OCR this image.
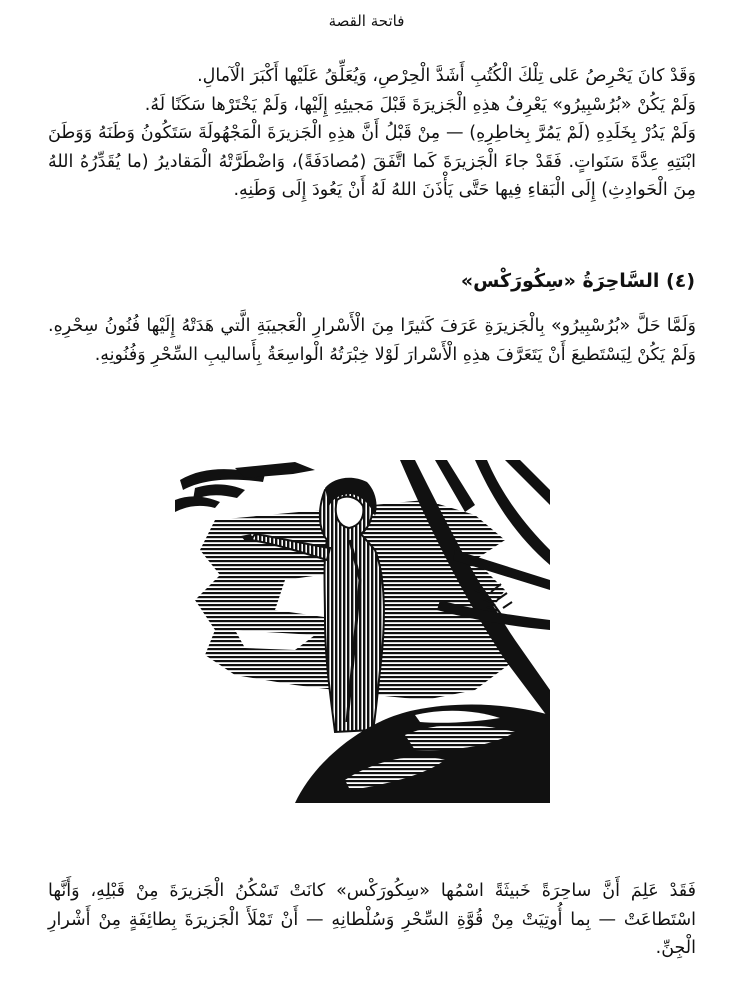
فاتحة القصة

وَقَدْ كانَ يَحْرِصُ عَلى تِلْكَ الْكُتُبِ أَشَدَّ الْحِرْصِ، وَيُعَلِّقُ عَلَيْها أَكْبَرَ الْآمالِ.

وَلَمْ يَكُنْ «بُرُسْبِيرُو» يَعْرِفُ هذِهِ الْجَزيرَةَ قَبْلَ مَجيئِهِ إِلَيْها، وَلَمْ يَخْتَرْها سَكَنًا لَهُ.

وَلَمْ يَدُرْ بِخَلَدِهِ (لَمْ يَمُرَّ بِخاطِرِهِ) — مِنْ قَبْلُ أَنَّ هذِهِ الْجَزيرَةَ الْمَجْهُولَةَ سَتَكُونُ وَطَنَهُ وَوَطَنَ ابْنَتِهِ عِدَّةَ سَنَواتٍ. فَقَدْ جاءَ الْجَزيرَةَ كَما اتَّفَقَ (مُصادَفَةً)، وَاضْطَرَّتْهُ الْمَقاديرُ (ما يُقَدِّرُهُ اللهُ مِنَ الْحَوادِثِ) إِلَى الْبَقاءِ فِيها حَتَّى يَأْذَنَ اللهُ لَهُ أَنْ يَعُودَ إِلَى وَطَنِهِ.

(٤) السَّاحِرَةُ «سِكُورَكْس»

وَلَمَّا حَلَّ «بُرُسْبِيرُو» بِالْجَزيرَةِ عَرَفَ كَثيرًا مِنَ الْأَسْرارِ الْعَجيبَةِ الَّتي هَدَتْهُ إِلَيْها فُنُونُ سِحْرِهِ. وَلَمْ يَكُنْ لِيَسْتَطيعَ أَنْ يَتَعَرَّفَ هذِهِ الْأَسْرارَ لَوْلا خِبْرَتُهُ الْواسِعَةُ بِأَساليبِ السِّحْرِ وَفُنُونِهِ.

فَقَدْ عَلِمَ أَنَّ ساحِرَةً خَبيثَةً اسْمُها «سِكُورَكْس» كانَتْ تَسْكُنُ الْجَزيرَةَ مِنْ قَبْلِهِ، وَأَنَّها اسْتَطاعَتْ — بِما أُوتِيَتْ مِنْ قُوَّةِ السِّحْرِ وَسُلْطانِهِ — أَنْ تَمْلَأَ الْجَزيرَةَ بِطائِفَةٍ مِنْ أَشْرارِ الْجِنِّ.
